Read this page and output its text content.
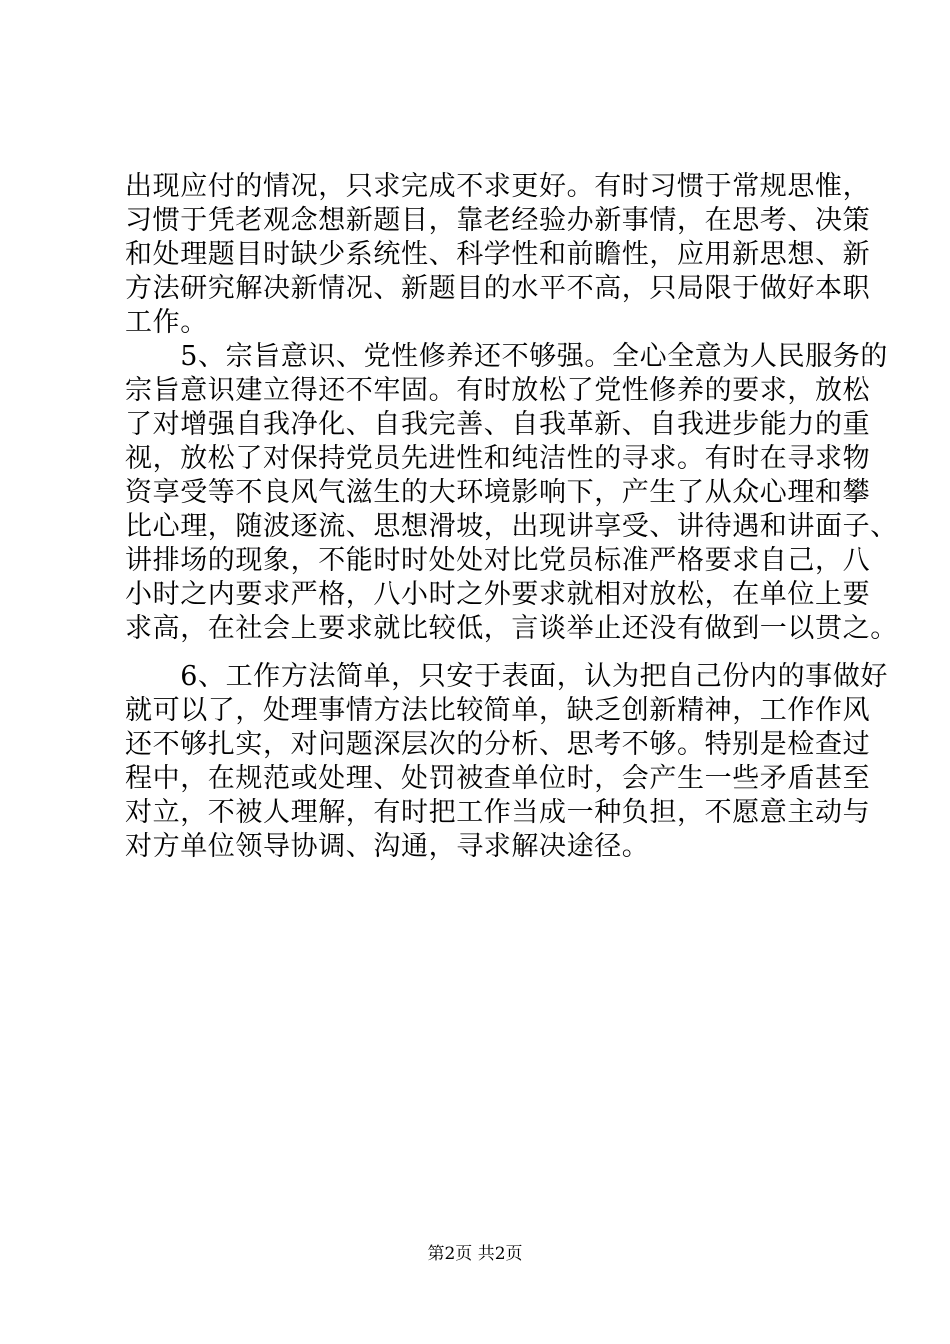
出现应付的情况，只求完成不求更好。有时习惯于常规思惟，
习惯于凭老观念想新题目，靠老经验办新事情，在思考、决策
和处理题目时缺少系统性、科学性和前瞻性，应用新思想、新
方法研究解决新情况、新题目的水平不高，只局限于做好本职
工作。
　　5、宗旨意识、党性修养还不够强。全心全意为人民服务的
宗旨意识建立得还不牢固。有时放松了党性修养的要求，放松
了对增强自我净化、自我完善、自我革新、自我进步能力的重
视，放松了对保持党员先进性和纯洁性的寻求。有时在寻求物
资享受等不良风气滋生的大环境影响下，产生了从众心理和攀
比心理，随波逐流、思想滑坡，出现讲享受、讲待遇和讲面子、
讲排场的现象，不能时时处处对比党员标准严格要求自己，八
小时之内要求严格，八小时之外要求就相对放松，在单位上要
求高，在社会上要求就比较低，言谈举止还没有做到一以贯之。
　　6、工作方法简单，只安于表面，认为把自己份内的事做好
就可以了，处理事情方法比较简单，缺乏创新精神，工作作风
还不够扎实，对问题深层次的分析、思考不够。特别是检查过
程中，在规范或处理、处罚被查单位时，会产生一些矛盾甚至
对立，不被人理解，有时把工作当成一种负担，不愿意主动与
对方单位领导协调、沟通，寻求解决途径。
第2页 共2页
